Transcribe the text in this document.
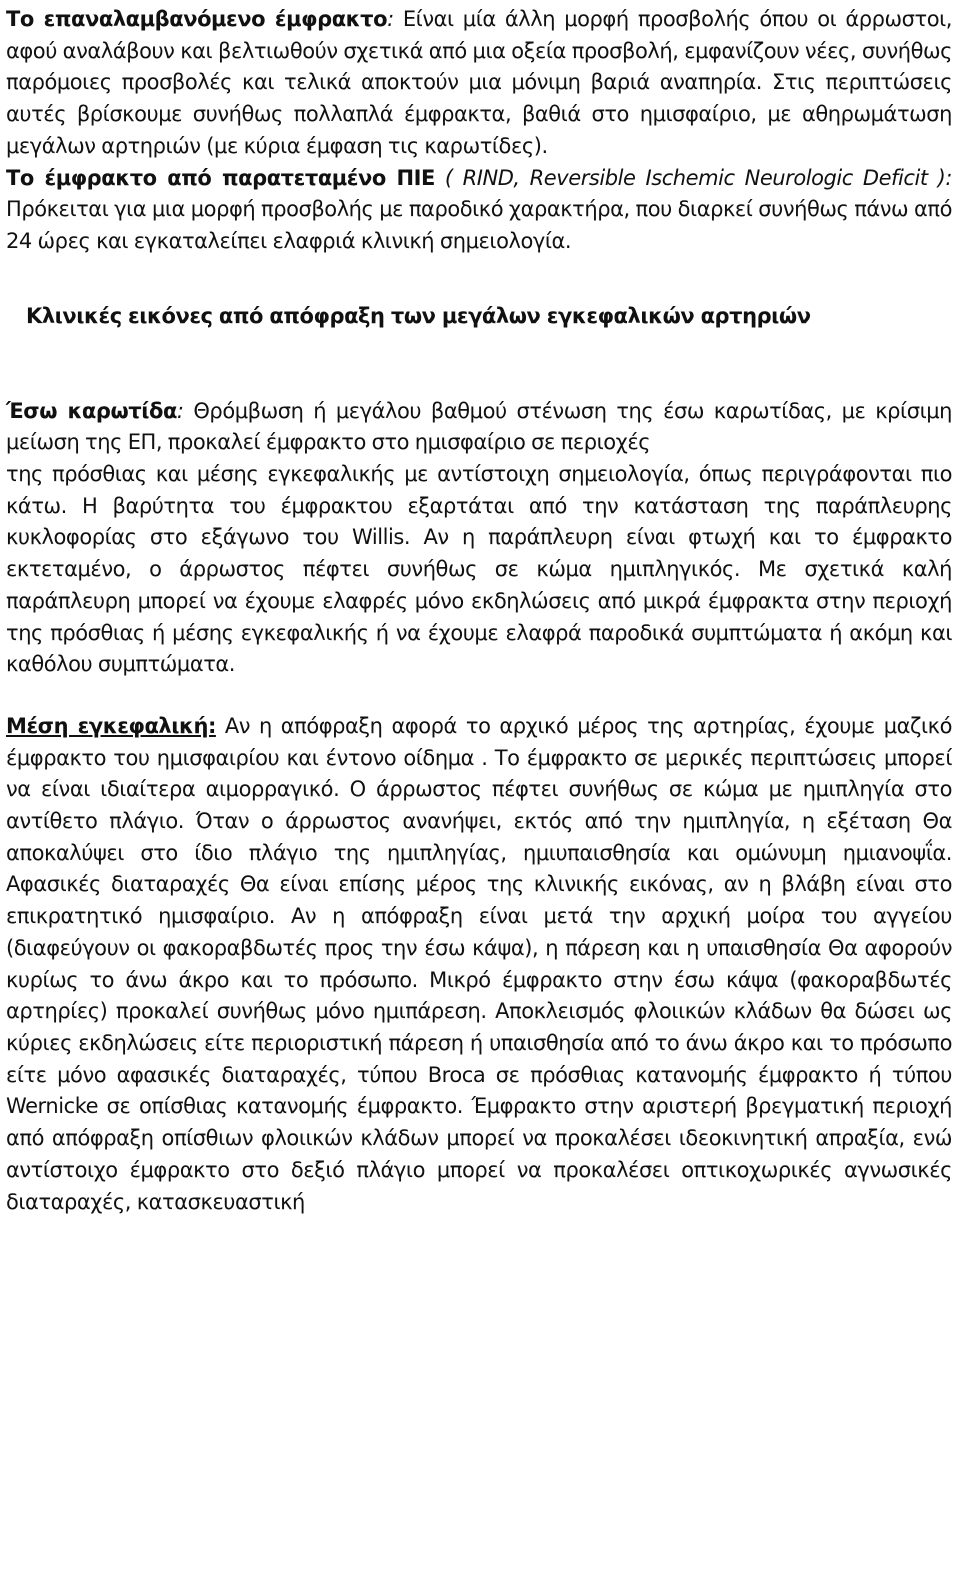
Το επαναλαμβανόμενο έμφρακτο: Είναι μία άλλη μορφή προσβολής όπου οι άρρωστοι, αφού αναλάβουν και βελτιωθούν σχετικά από μια οξεία προσβολή, εμφανίζουν νέες, συνήθως παρόμοιες προσβολές και τελικά αποκτούν μια μόνιμη βαριά αναπηρία. Στις περιπτώσεις αυτές βρίσκουμε συνήθως πολλαπλά έμφρακτα, βαθιά στο ημισφαίριο, με αθηρωμάτωση μεγάλων αρτηριών (με κύρια έμφαση τις καρωτίδες).

Το έμφρακτο από παρατεταμένο ΠΙΕ ( RIND, Reversible Ischemic Neurologic Deficit ): Πρόκειται για μια μορφή προσβολής με παροδικό χαρακτήρα, που διαρκεί συνήθως πάνω από 24 ώρες και εγκαταλείπει ελαφριά κλινική σημειολογία.

Κλινικές εικόνες από απόφραξη των μεγάλων εγκεφαλικών αρτηριών

Έσω καρωτίδα: Θρόμβωση ή μεγάλου βαθμού στένωση της έσω καρωτίδας, με κρίσιμη μείωση της ΕΠ, προκαλεί έμφρακτο στο ημισφαίριο σε περιοχές

της πρόσθιας και μέσης εγκεφαλικής με αντίστοιχη σημειολογία, όπως περιγράφονται πιο κάτω. Η βαρύτητα του έμφρακτου εξαρτάται από την κατάσταση της παράπλευρης κυκλοφορίας στο εξάγωνο του Willis. Αν η παράπλευρη είναι φτωχή και το έμφρακτο εκτεταμένο, ο άρρωστος πέφτει συνήθως σε κώμα ημιπληγικός. Με σχετικά καλή παράπλευρη μπορεί να έχουμε ελαφρές μόνο εκδηλώσεις από μικρά έμφρακτα στην περιοχή της πρόσθιας ή μέσης εγκεφαλικής ή να έχουμε ελαφρά παροδικά συμπτώματα ή ακόμη και καθόλου συμπτώματα.

Μέση εγκεφαλική: Αν η απόφραξη αφορά το αρχικό μέρος της αρτηρίας, έχουμε μαζικό έμφρακτο του ημισφαιρίου και έντονο οίδημα . Το έμφρακτο σε μερικές περιπτώσεις μπορεί να είναι ιδιαίτερα αιμορραγικό. Ο άρρωστος πέφτει συνήθως σε κώμα με ημιπληγία στο αντίθετο πλάγιο. Όταν ο άρρωστος ανανήψει, εκτός από την ημιπληγία, η εξέταση Θα αποκαλύψει στο ίδιο πλάγιο της ημιπληγίας, ημιυπαισθησία και ομώνυμη ημιανοψΐα. Αφασικές διαταραχές Θα είναι επίσης μέρος της κλινικής εικόνας, αν η βλάβη είναι στο επικρατητικό ημισφαίριο. Αν η απόφραξη είναι μετά την αρχική μοίρα του αγγείου (διαφεύγουν οι φακοραβδωτές προς την έσω κάψα), η πάρεση και η υπαισθησία Θα αφορούν κυρίως το άνω άκρο και το πρόσωπο. Μικρό έμφρακτο στην έσω κάψα (φακοραβδωτές αρτηρίες) προκαλεί συνήθως μόνο ημιπάρεση. Αποκλεισμός φλοιικών κλάδων θα δώσει ως κύριες εκδηλώσεις είτε περιοριστική πάρεση ή υπαισθησία από το άνω άκρο και το πρόσωπο είτε μόνο αφασικές διαταραχές, τύπου Broca σε πρόσθιας κατανομής έμφρακτο ή τύπου Wernicke σε οπίσθιας κατανομής έμφρακτο. Έμφρακτο στην αριστερή βρεγματική περιοχή από απόφραξη οπίσθιων φλοιικών κλάδων μπορεί να προκαλέσει ιδεοκινητική απραξία, ενώ αντίστοιχο έμφρακτο στο δεξιό πλάγιο μπορεί να προκαλέσει οπτικοχωρικές αγνωσικές διαταραχές, κατασκευαστική
